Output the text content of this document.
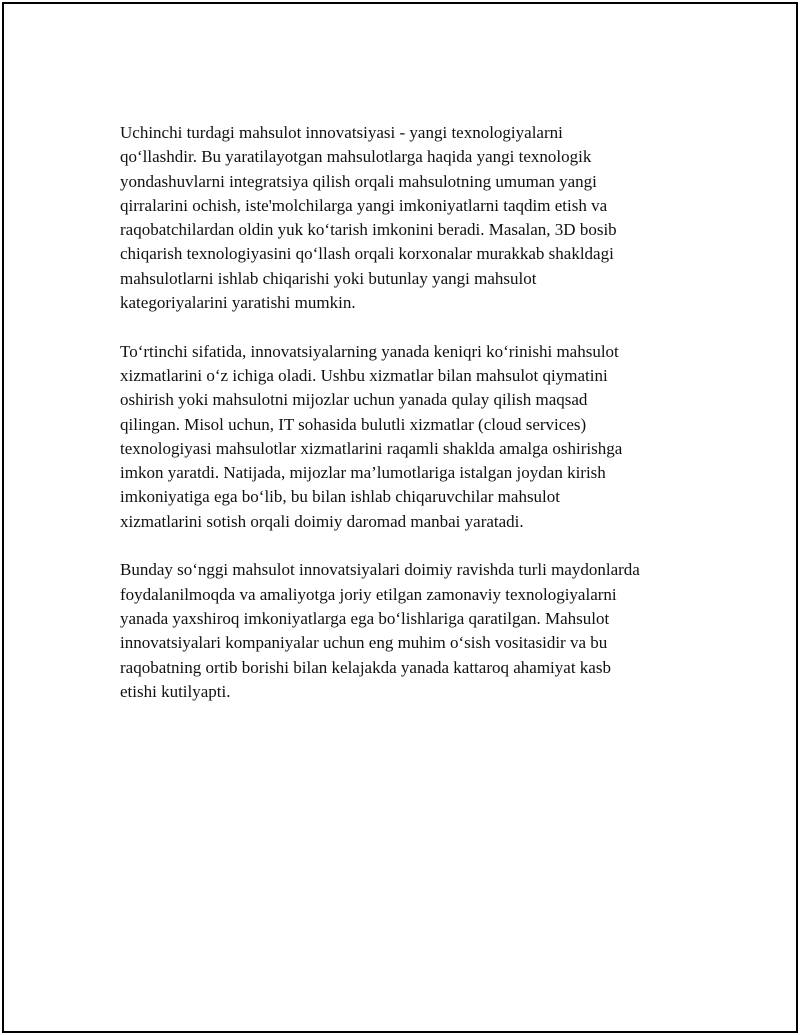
Uchinchi turdagi mahsulot innovatsiyasi - yangi texnologiyalarni
qo‘llashdir. Bu yaratilayotgan mahsulotlarga haqida yangi texnologik
yondashuvlarni integratsiya qilish orqali mahsulotning umuman yangi
qirralarini ochish, iste'molchilarga yangi imkoniyatlarni taqdim etish va
raqobatchilardan oldin yuk ko‘tarish imkonini beradi. Masalan, 3D bosib
chiqarish texnologiyasini qo‘llash orqali korxonalar murakkab shakldagi
mahsulotlarni ishlab chiqarishi yoki butunlay yangi mahsulot
kategoriyalarini yaratishi mumkin.

To‘rtinchi sifatida, innovatsiyalarning yanada keniqri ko‘rinishi mahsulot
xizmatlarini o‘z ichiga oladi. Ushbu xizmatlar bilan mahsulot qiymatini
oshirish yoki mahsulotni mijozlar uchun yanada qulay qilish maqsad
qilingan. Misol uchun, IT sohasida bulutli xizmatlar (cloud services)
texnologiyasi mahsulotlar xizmatlarini raqamli shaklda amalga oshirishga
imkon yaratdi. Natijada, mijozlar ma’lumotlariga istalgan joydan kirish
imkoniyatiga ega bo‘lib, bu bilan ishlab chiqaruvchilar mahsulot
xizmatlarini sotish orqali doimiy daromad manbai yaratadi.

Bunday so‘nggi mahsulot innovatsiyalari doimiy ravishda turli maydonlarda
foydalanilmoqda va amaliyotga joriy etilgan zamonaviy texnologiyalarni
yanada yaxshiroq imkoniyatlarga ega bo‘lishlariga qaratilgan. Mahsulot
innovatsiyalari kompaniyalar uchun eng muhim o‘sish vositasidir va bu
raqobatning ortib borishi bilan kelajakda yanada kattaroq ahamiyat kasb
etishi kutilyapti.
